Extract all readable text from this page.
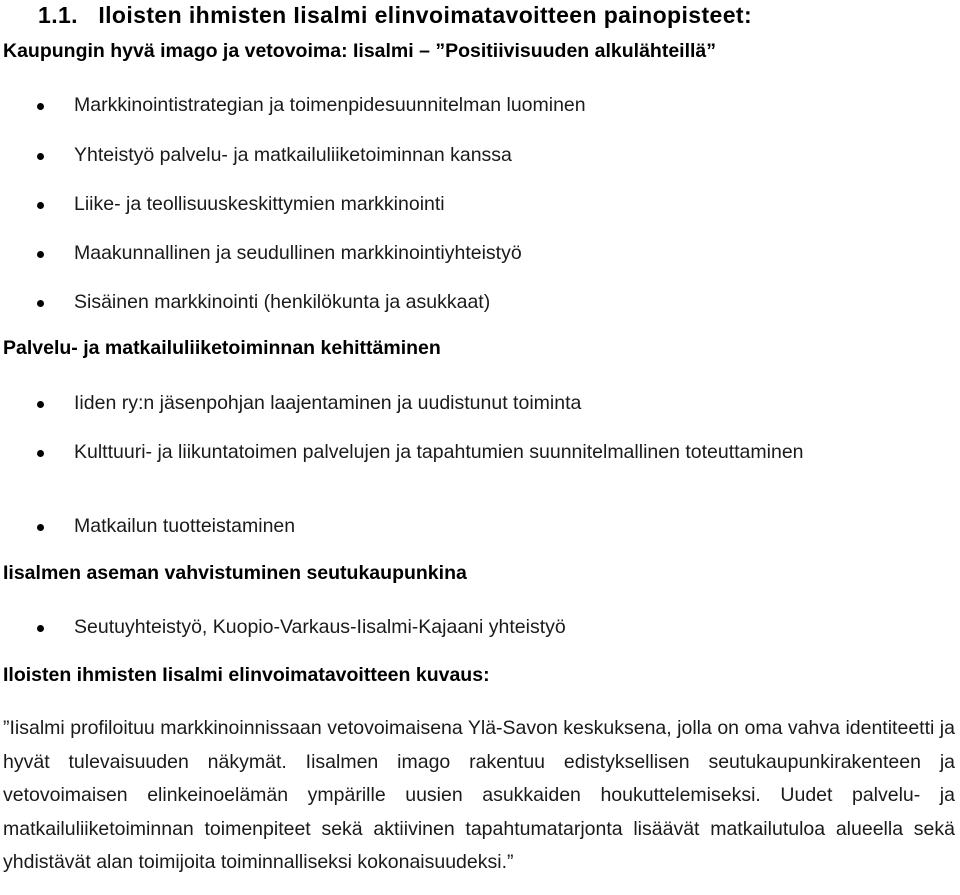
1.1. Iloisten ihmisten Iisalmi elinvoimatavoitteen painopisteet:
Kaupungin hyvä imago ja vetovoima: Iisalmi – ”Positiivisuuden alkulähteillä”
Markkinointistrategian ja toimenpidesuunnitelman luominen
Yhteistyö palvelu- ja matkailuliiketoiminnan kanssa
Liike- ja teollisuuskeskittymien markkinointi
Maakunnallinen ja seudullinen markkinointiyhteistyö
Sisäinen markkinointi (henkilökunta ja asukkaat)
Palvelu- ja matkailuliiketoiminnan kehittäminen
Iiden ry:n jäsenpohjan laajentaminen ja uudistunut toiminta
Kulttuuri- ja liikuntatoimen palvelujen ja tapahtumien suunnitelmallinen toteuttaminen
Matkailun tuotteistaminen
Iisalmen aseman vahvistuminen seutukaupunkina
Seutuyhteistyö, Kuopio-Varkaus-Iisalmi-Kajaani yhteistyö
Iloisten ihmisten Iisalmi elinvoimatavoitteen kuvaus:

”Iisalmi profiloituu markkinoinnissaan vetovoimaisena Ylä-Savon keskuksena, jolla on oma vahva identiteetti ja hyvät tulevaisuuden näkymät. Iisalmen imago rakentuu edistyksellisen seutukaupunkirakenteen ja vetovoimaisen elinkeinoelämän ympärille uusien asukkaiden houkuttelemiseksi. Uudet palvelu- ja matkailuliiketoiminnan toimenpiteet sekä aktiivinen tapahtumatarjonta lisäävät matkailutuloa alueella sekä yhdistävät alan toimijoita toiminnalliseksi kokonaisuudeksi.”
